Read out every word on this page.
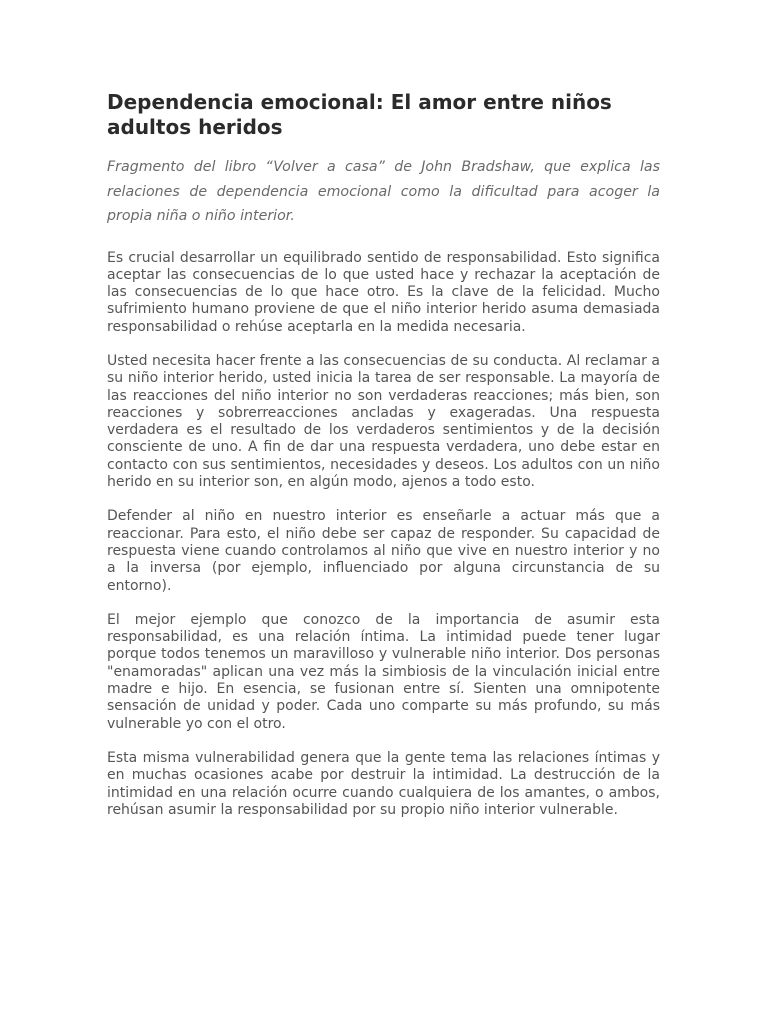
Dependencia emocional: El amor entre niños adultos heridos

Fragmento del libro “Volver a casa” de John Bradshaw, que explica las relaciones de dependencia emocional como la dificultad para acoger la propia niña o niño interior.

Es crucial desarrollar un equilibrado sentido de responsabilidad. Esto significa aceptar las consecuencias de lo que usted hace y rechazar la aceptación de las consecuencias de lo que hace otro. Es la clave de la felicidad. Mucho sufrimiento humano proviene de que el niño interior herido asuma demasiada responsabilidad o rehúse aceptarla en la medida necesaria.

Usted necesita hacer frente a las consecuencias de su conducta. Al reclamar a su niño interior herido, usted inicia la tarea de ser responsable. La mayoría de las reacciones del niño interior no son verdaderas reacciones; más bien, son reacciones y sobrerreacciones ancladas y exageradas. Una respuesta verdadera es el resultado de los verdaderos sentimientos y de la decisión consciente de uno. A fin de dar una respuesta verdadera, uno debe estar en contacto con sus sentimientos, necesidades y deseos. Los adultos con un niño herido en su interior son, en algún modo, ajenos a todo esto.

Defender al niño en nuestro interior es enseñarle a actuar más que a reaccionar. Para esto, el niño debe ser capaz de responder. Su capacidad de respuesta viene cuando controlamos al niño que vive en nuestro interior y no a la inversa (por ejemplo, influenciado por alguna circunstancia de su entorno).

El mejor ejemplo que conozco de la importancia de asumir esta responsabilidad, es una relación íntima. La intimidad puede tener lugar porque todos tenemos un maravilloso y vulnerable niño interior. Dos personas "enamoradas" aplican una vez más la simbiosis de la vinculación inicial entre madre e hijo. En esencia, se fusionan entre sí. Sienten una omnipotente sensación de unidad y poder. Cada uno comparte su más profundo, su más vulnerable yo con el otro.

Esta misma vulnerabilidad genera que la gente tema las relaciones íntimas y en muchas ocasiones acabe por destruir la intimidad. La destrucción de la intimidad en una relación ocurre cuando cualquiera de los amantes, o ambos, rehúsan asumir la responsabilidad por su propio niño interior vulnerable.
